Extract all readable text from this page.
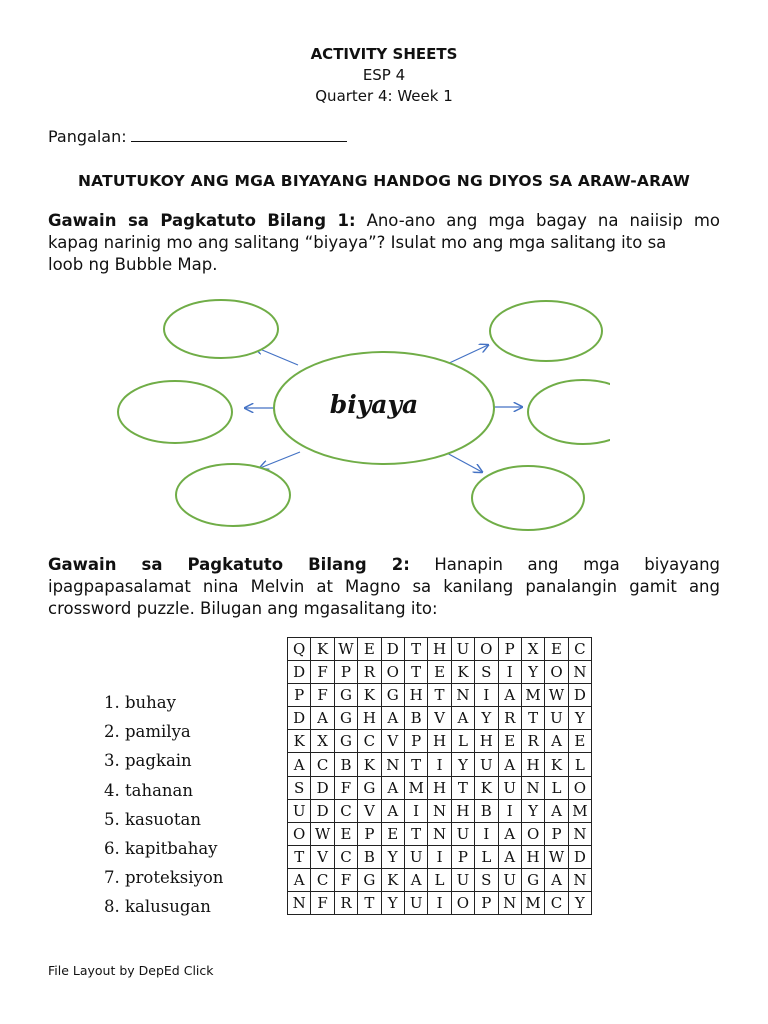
ACTIVITY SHEETS
ESP 4
Quarter 4: Week 1
Pangalan:
NATUTUKOY ANG MGA BIYAYANG HANDOG NG DIYOS SA ARAW-ARAW
Gawain sa Pagkatuto Bilang 1: Ano-ano ang mga bagay na naiisip mo
kapag narinig mo ang salitang “biyaya”? Isulat mo ang mga salitang ito sa
loob ng Bubble Map.
biyaya
Gawain sa Pagkatuto Bilang 2: Hanapin ang mga biyayang
ipagpapasalamat nina Melvin at Magno sa kanilang panalangin gamit ang
crossword puzzle. Bilugan ang mgasalitang ito:
1. buhay
2. pamilya
3. pagkain
4. tahanan
5. kasuotan
6. kapitbahay
7. proteksiyon
8. kalusugan
Q	K	W	E	D	T	H	U	O	P	X	E	C
D	F	P	R	O	T	E	K	S	I	Y	O	N
P	F	G	K	G	H	T	N	I	A	M	W	D
D	A	G	H	A	B	V	A	Y	R	T	U	Y
K	X	G	C	V	P	H	L	H	E	R	A	E
A	C	B	K	N	T	I	Y	U	A	H	K	L
S	D	F	G	A	M	H	T	K	U	N	L	O
U	D	C	V	A	I	N	H	B	I	Y	A	M
O	W	E	P	E	T	N	U	I	A	O	P	N
T	V	C	B	Y	U	I	P	L	A	H	W	D
A	C	F	G	K	A	L	U	S	U	G	A	N
N	F	R	T	Y	U	I	O	P	N	M	C	Y
File Layout by DepEd Click
